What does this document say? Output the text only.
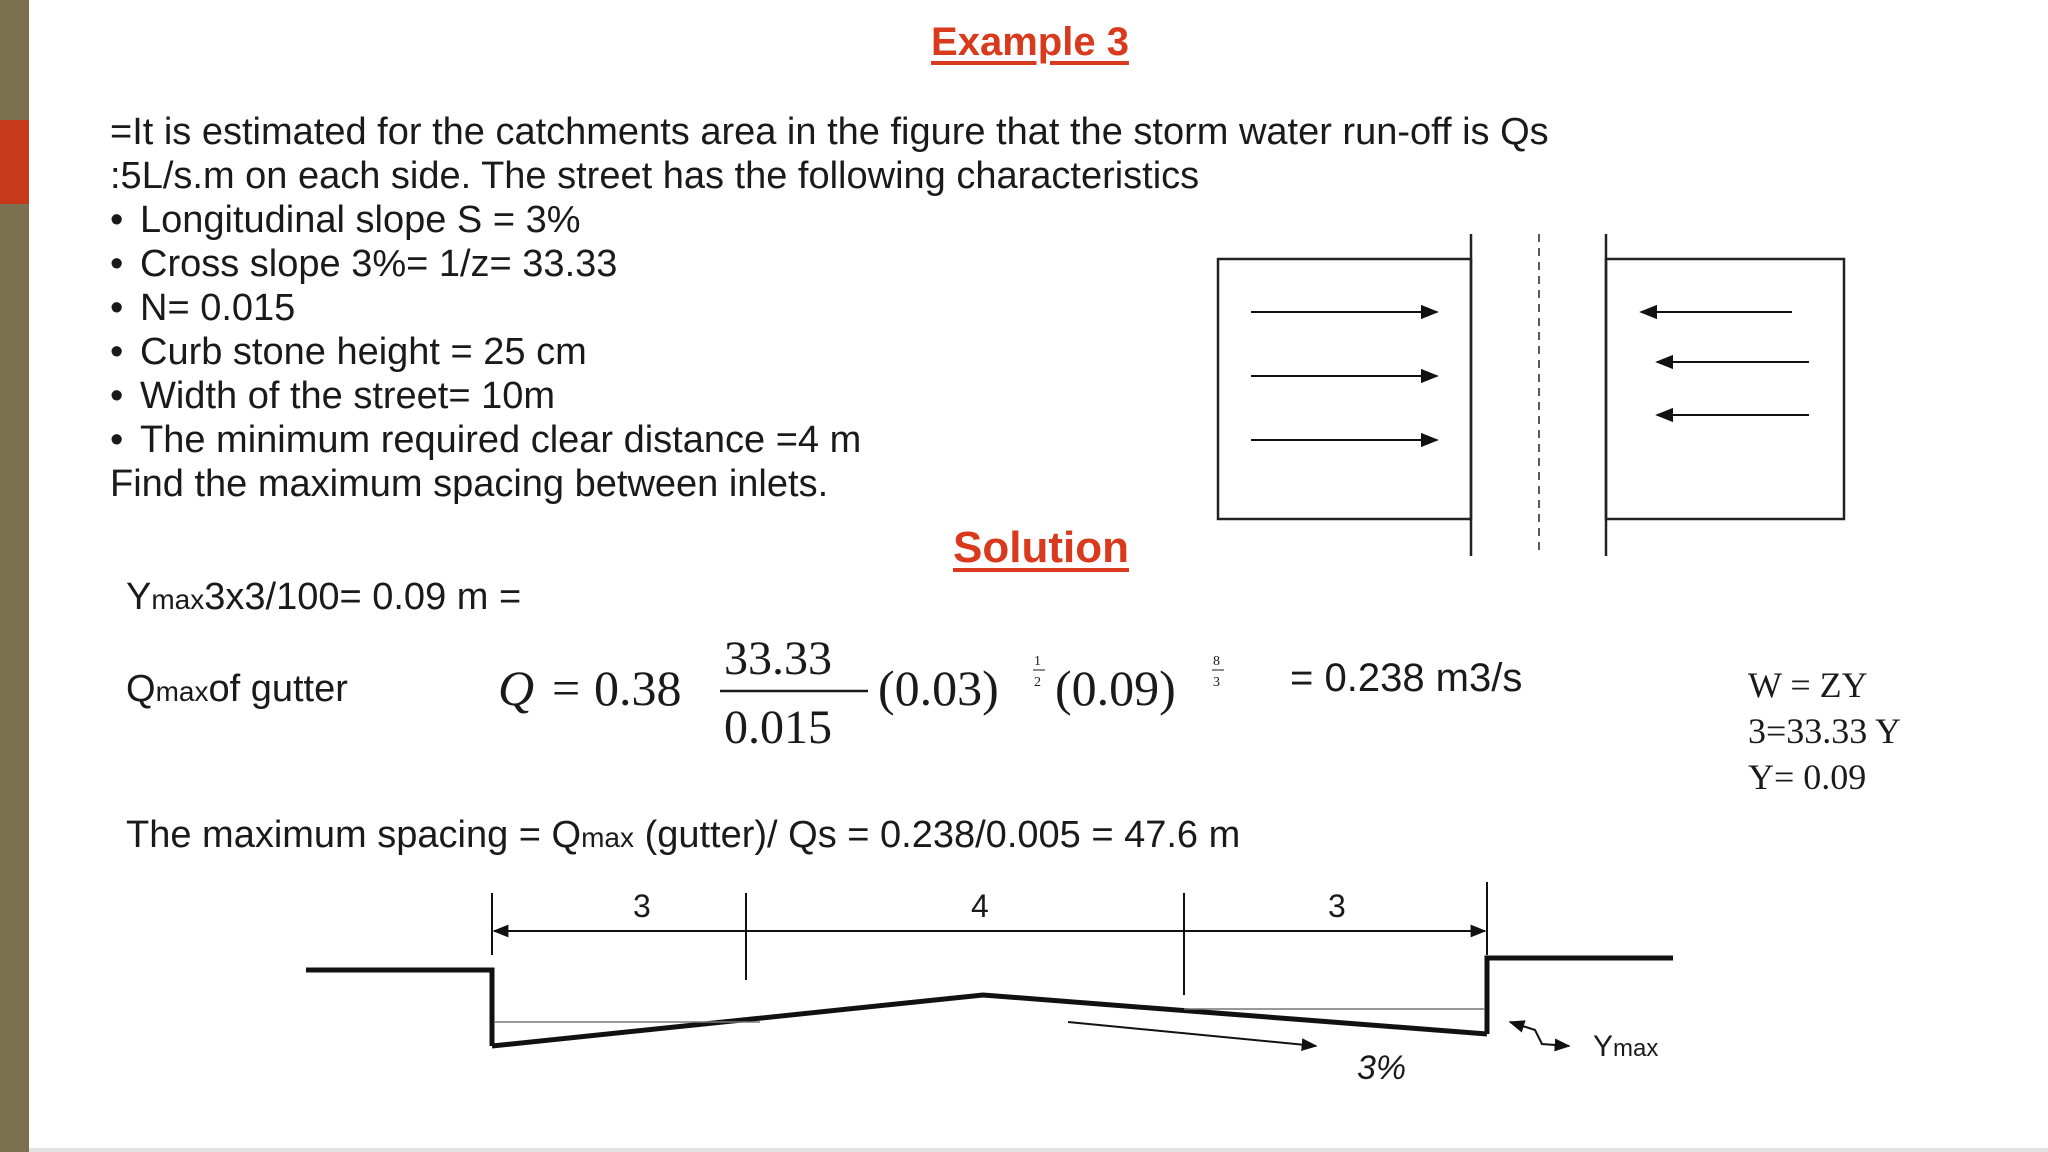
Example 3

=It is estimated for the catchments area in the figure that the storm water run-off is Qs

:5L/s.m on each side. The street has the following characteristics

• Longitudinal slope S = 3%
• Cross slope 3%= 1/z= 33.33
• N= 0.015
• Curb stone height = 25 cm
• Width of the street= 10m
• The minimum required clear distance =4 m

Find the maximum spacing between inlets.

Solution
Ymax3x3/100= 0.09 m =
Qmaxof gutter	Q = 0.38
33.33
0.015
(0.03)	1
2 (0.09)	8
3 = 0.238 m3/s	W = ZY
3=33.33 Y
Y= 0.09
The maximum spacing = Qmax (gutter)/ Qs = 0.238/0.005 = 47.6 m
3	4	3
3%
Ymax
